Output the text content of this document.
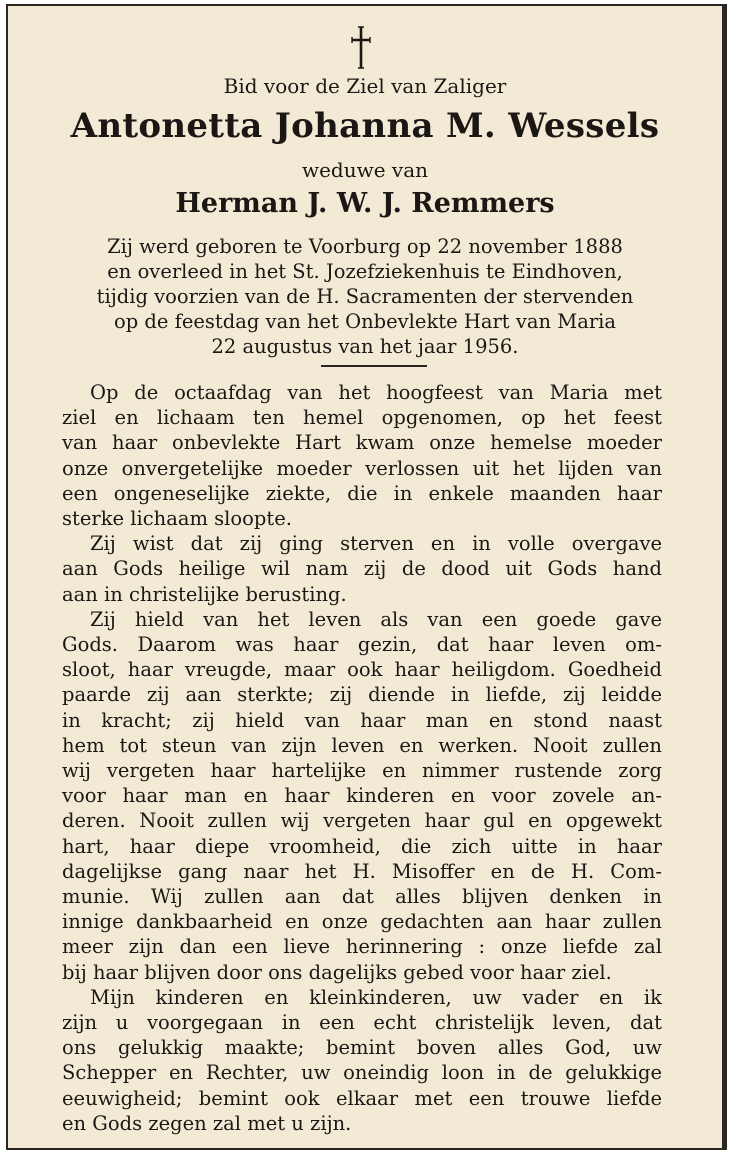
Bid voor de Ziel van Zaliger
Antonetta Johanna M. Wessels
weduwe van
Herman J. W. J. Remmers
Zij werd geboren te Voorburg op 22 november 1888
en overleed in het St. Jozefziekenhuis te Eindhoven,
tijdig voorzien van de H. Sacramenten der stervenden
op de feestdag van het Onbevlekte Hart van Maria
22 augustus van het jaar 1956.
Op de octaafdag van het hoogfeest van Maria met
ziel en lichaam ten hemel opgenomen, op het feest
van haar onbevlekte Hart kwam onze hemelse moeder
onze onvergetelijke moeder verlossen uit het lijden van
een ongeneselijke ziekte, die in enkele maanden haar
sterke lichaam sloopte.
Zij wist dat zij ging sterven en in volle overgave
aan Gods heilige wil nam zij de dood uit Gods hand
aan in christelijke berusting.
Zij hield van het leven als van een goede gave
Gods. Daarom was haar gezin, dat haar leven om-
sloot, haar vreugde, maar ook haar heiligdom. Goedheid
paarde zij aan sterkte; zij diende in liefde, zij leidde
in kracht; zij hield van haar man en stond naast
hem tot steun van zijn leven en werken. Nooit zullen
wij vergeten haar hartelijke en nimmer rustende zorg
voor haar man en haar kinderen en voor zovele an-
deren. Nooit zullen wij vergeten haar gul en opgewekt
hart, haar diepe vroomheid, die zich uitte in haar
dagelijkse gang naar het H. Misoffer en de H. Com-
munie. Wij zullen aan dat alles blijven denken in
innige dankbaarheid en onze gedachten aan haar zullen
meer zijn dan een lieve herinnering : onze liefde zal
bij haar blijven door ons dagelijks gebed voor haar ziel.
Mijn kinderen en kleinkinderen, uw vader en ik
zijn u voorgegaan in een echt christelijk leven, dat
ons gelukkig maakte; bemint boven alles God, uw
Schepper en Rechter, uw oneindig loon in de gelukkige
eeuwigheid; bemint ook elkaar met een trouwe liefde
en Gods zegen zal met u zijn.
